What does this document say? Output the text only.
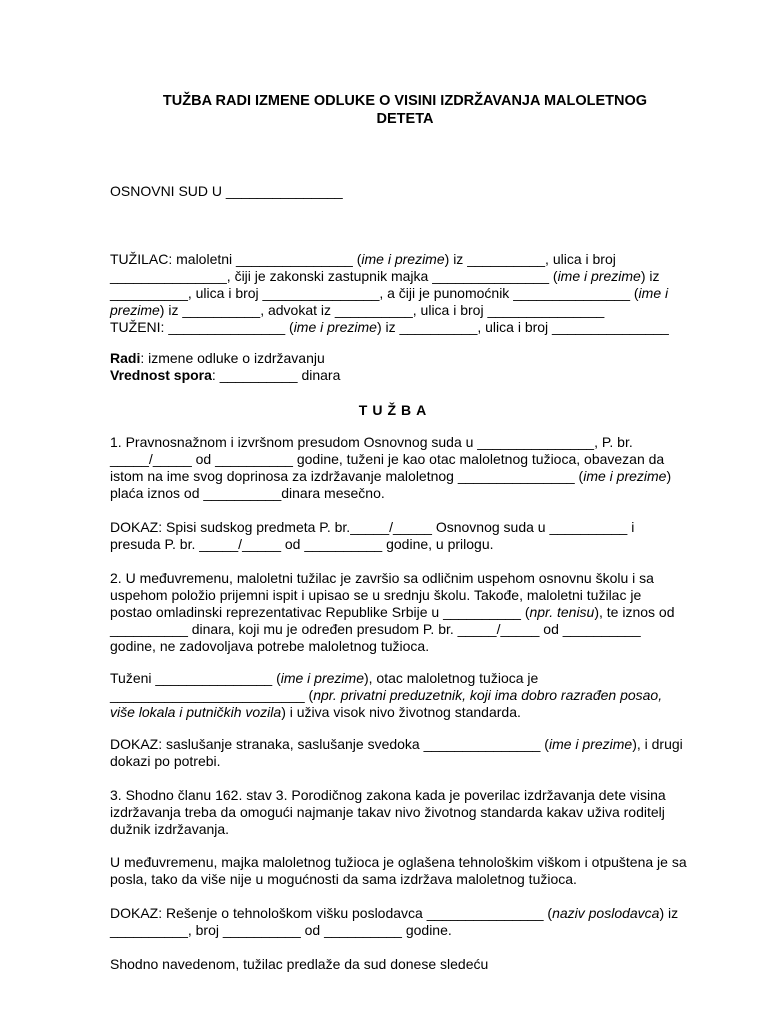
TUŽBA RADI IZMENE ODLUKE O VISINI IZDRŽAVANJA MALOLETNOG
DETETA
OSNOVNI SUD U _______________
TUŽILAC: maloletni _______________ (ime i prezime) iz __________, ulica i broj
_______________, čiji je zakonski zastupnik majka _______________ (ime i prezime) iz
__________, ulica i broj _______________, a čiji je punomoćnik _______________ (ime i
prezime) iz __________, advokat iz __________, ulica i broj _______________
TUŽENI: _______________ (ime i prezime) iz __________, ulica i broj _______________
Radi: izmene odluke o izdržavanju
Vrednost spora: __________ dinara
TUŽBA
1. Pravnosnažnom i izvršnom presudom Osnovnog suda u _______________, P. br.
_____/_____ od __________ godine, tuženi je kao otac maloletnog tužioca, obavezan da
istom na ime svog doprinosa za izdržavanje maloletnog _______________ (ime i prezime)
plaća iznos od __________dinara mesečno.
DOKAZ: Spisi sudskog predmeta P. br._____/_____ Osnovnog suda u __________ i
presuda P. br. _____/_____ od __________ godine, u prilogu.
2. U međuvremenu, maloletni tužilac je završio sa odličnim uspehom osnovnu školu i sa
uspehom položio prijemni ispit i upisao se u srednju školu. Takođe, maloletni tužilac je
postao omladinski reprezentativac Republike Srbije u __________ (npr. tenisu), te iznos od
__________ dinara, koji mu je određen presudom P. br. _____/_____ od __________
godine, ne zadovoljava potrebe maloletnog tužioca.
Tuženi _______________ (ime i prezime), otac maloletnog tužioca je
_________________________ (npr. privatni preduzetnik, koji ima dobro razrađen posao,
više lokala i putničkih vozila) i uživa visok nivo životnog standarda.
DOKAZ: saslušanje stranaka, saslušanje svedoka _______________ (ime i prezime), i drugi
dokazi po potrebi.
3. Shodno članu 162. stav 3. Porodičnog zakona kada je poverilac izdržavanja dete visina
izdržavanja treba da omogući najmanje takav nivo životnog standarda kakav uživa roditelj
dužnik izdržavanja.
U međuvremenu, majka maloletnog tužioca je oglašena tehnološkim viškom i otpuštena je sa
posla, tako da više nije u mogućnosti da sama izdržava maloletnog tužioca.
DOKAZ: Rešenje o tehnološkom višku poslodavca _______________ (naziv poslodavca) iz
__________, broj __________ od __________ godine.
Shodno navedenom, tužilac predlaže da sud donese sledeću
